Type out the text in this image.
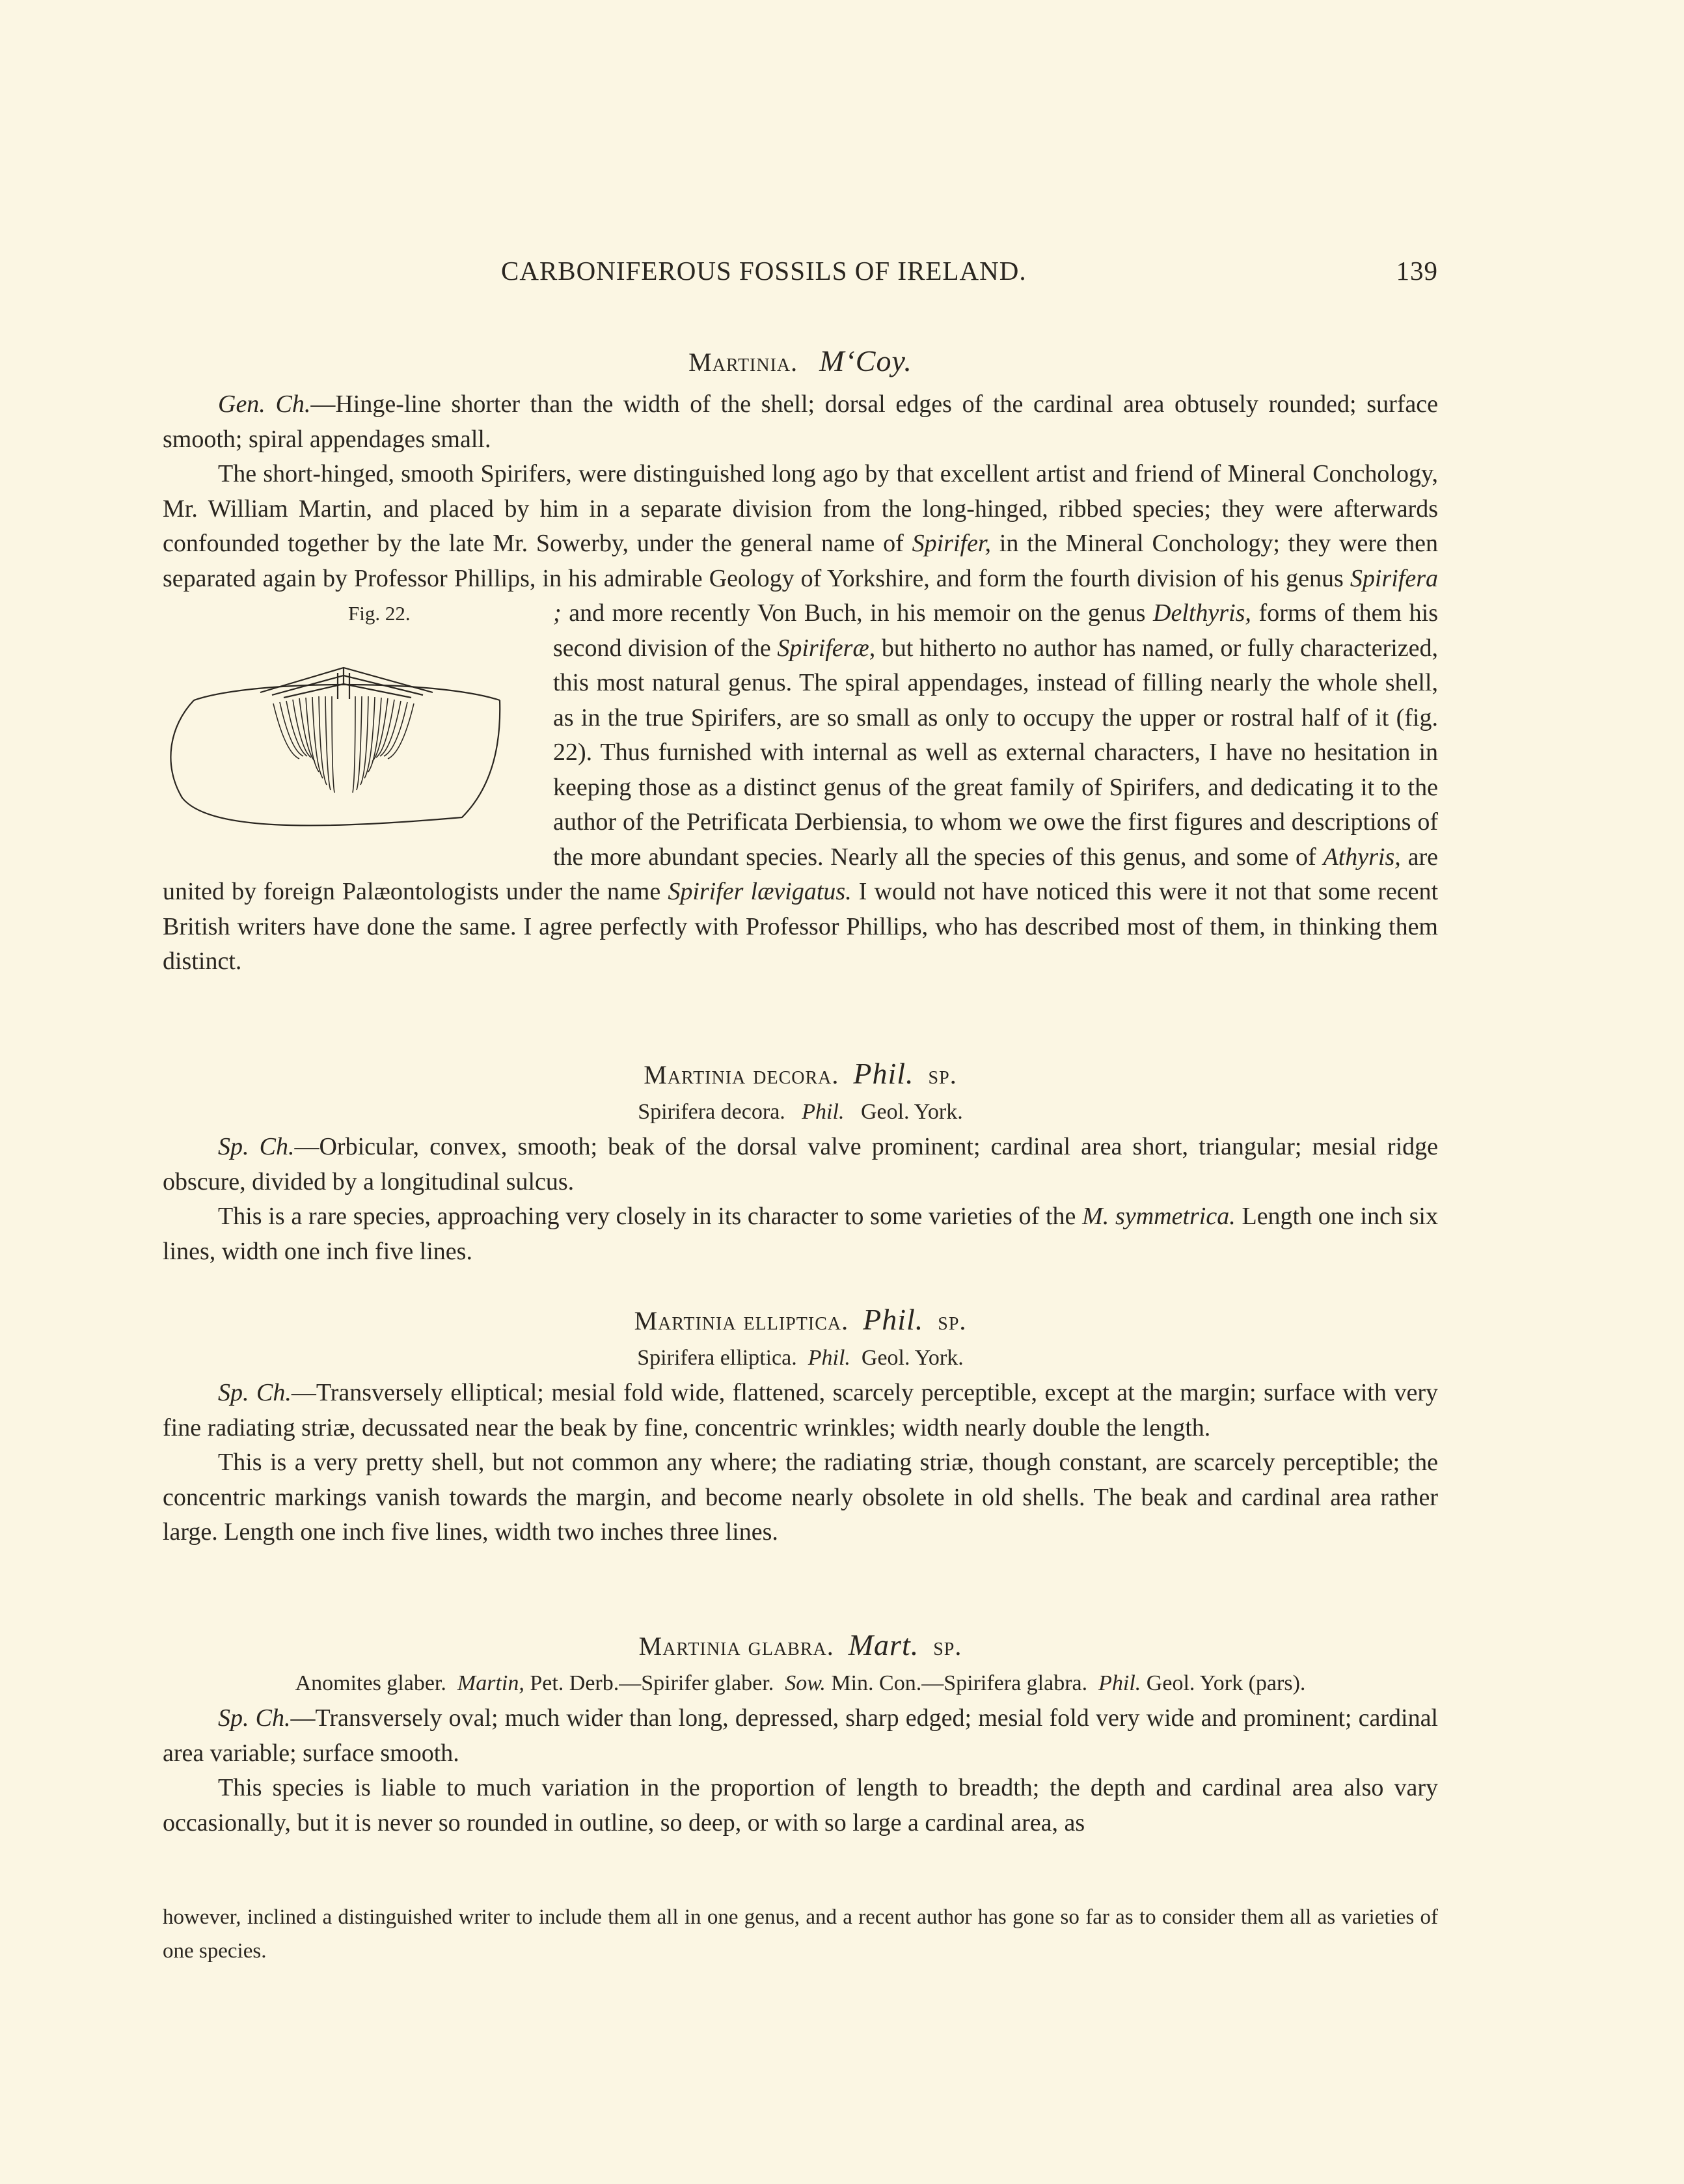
CARBONIFEROUS FOSSILS OF IRELAND.	139
Martinia. M‘Coy.

Gen. Ch.—Hinge-line shorter than the width of the shell; dorsal edges of the cardinal area obtusely rounded; surface smooth; spiral appendages small.

The short-hinged, smooth Spirifers, were distinguished long ago by that excellent artist and friend of Mineral Conchology, Mr. William Martin, and placed by him in a separate division from the long-hinged, ribbed species; they were afterwards confounded together by the late Mr. Sowerby, under the general name of Spirifer, in the Mineral Conchology; they were then separated again by Professor Phillips, in his admirable Geology of Yorkshire, and form the fourth division of his genus Spirifera ; and more recently Von Buch, in his memoir on the genus
Fig. 22.	Delthyris, forms of them his second division of the Spiriferæ, but hitherto no author has named, or fully characterized, this most natural genus. The spiral appendages, instead of filling nearly the whole shell, as in the true Spirifers, are so small as only to occupy the upper or rostral half of it (fig. 22). Thus furnished with internal as well as external characters, I have no hesitation in keeping those as a distinct genus of the great family of Spirifers, and dedicating it to the author of the Petrificata Derbiensia, to whom we owe the first figures and descriptions of the more abundant species. Nearly all the species of this genus, and some of Athyris, are united by foreign Palæontologists under the name Spirifer lævigatus. I would not have noticed this were it not that some recent British writers have done the same. I agree perfectly with Professor Phillips, who has described most of them, in thinking them distinct.

Martinia decora. Phil. sp.
Spirifera decora. Phil. Geol. York.

Sp. Ch.—Orbicular, convex, smooth; beak of the dorsal valve prominent; cardinal area short, triangular; mesial ridge obscure, divided by a longitudinal sulcus.

This is a rare species, approaching very closely in its character to some varieties of the M. symmetrica. Length one inch six lines, width one inch five lines.

Martinia elliptica. Phil. sp.
Spirifera elliptica. Phil. Geol. York.

Sp. Ch.—Transversely elliptical; mesial fold wide, flattened, scarcely perceptible, except at the margin; surface with very fine radiating striæ, decussated near the beak by fine, concentric wrinkles; width nearly double the length.

This is a very pretty shell, but not common any where; the radiating striæ, though constant, are scarcely perceptible; the concentric markings vanish towards the margin, and become nearly obsolete in old shells. The beak and cardinal area rather large. Length one inch five lines, width two inches three lines.

Martinia glabra. Mart. sp.
Anomites glaber. Martin, Pet. Derb.—Spirifer glaber. Sow. Min. Con.—Spirifera glabra. Phil. Geol. York (pars).

Sp. Ch.—Transversely oval; much wider than long, depressed, sharp edged; mesial fold very wide and prominent; cardinal area variable; surface smooth.

This species is liable to much variation in the proportion of length to breadth; the depth and cardinal area also vary occasionally, but it is never so rounded in outline, so deep, or with so large a cardinal area, as

however, inclined a distinguished writer to include them all in one genus, and a recent author has gone so far as to consider them all as varieties of one species.
